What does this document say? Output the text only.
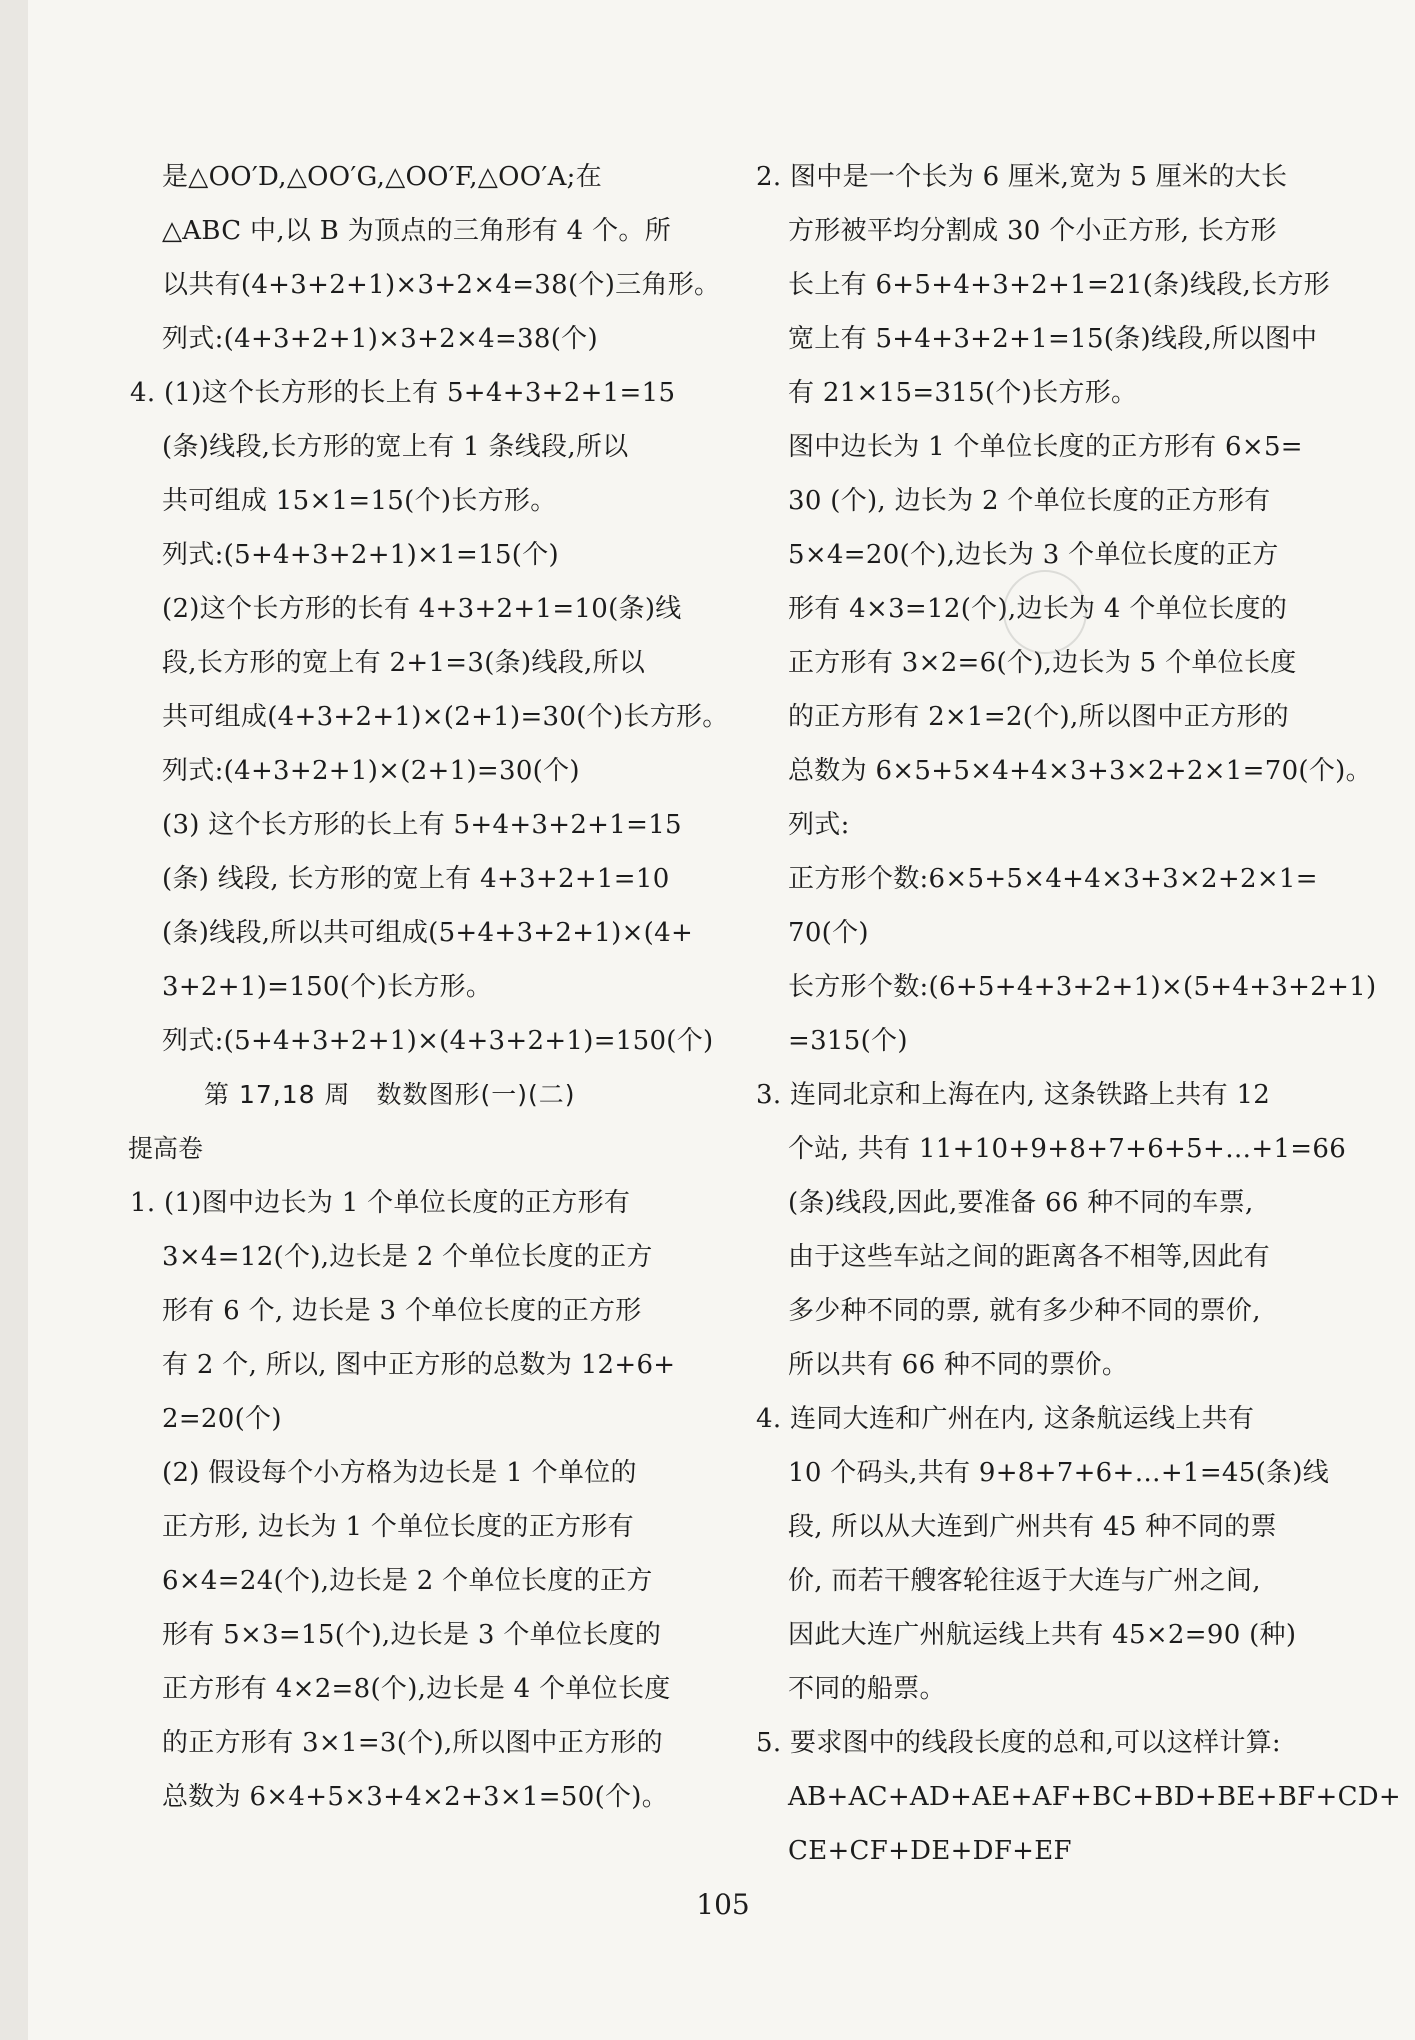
是△OO′D,△OO′G,△OO′F,△OO′A;在
△ABC 中,以 B 为顶点的三角形有 4 个。所
以共有(4+3+2+1)×3+2×4=38(个)三角形。
列式:(4+3+2+1)×3+2×4=38(个)
4. (1)这个长方形的长上有 5+4+3+2+1=15
(条)线段,长方形的宽上有 1 条线段,所以
共可组成 15×1=15(个)长方形。
列式:(5+4+3+2+1)×1=15(个)
(2)这个长方形的长有 4+3+2+1=10(条)线
段,长方形的宽上有 2+1=3(条)线段,所以
共可组成(4+3+2+1)×(2+1)=30(个)长方形。
列式:(4+3+2+1)×(2+1)=30(个)
(3) 这个长方形的长上有 5+4+3+2+1=15
(条) 线段, 长方形的宽上有 4+3+2+1=10
(条)线段,所以共可组成(5+4+3+2+1)×(4+
3+2+1)=150(个)长方形。
列式:(5+4+3+2+1)×(4+3+2+1)=150(个)
第 17,18 周　数数图形(一)(二)
提高卷
1. (1)图中边长为 1 个单位长度的正方形有
3×4=12(个),边长是 2 个单位长度的正方
形有 6 个, 边长是 3 个单位长度的正方形
有 2 个, 所以, 图中正方形的总数为 12+6+
2=20(个)
(2) 假设每个小方格为边长是 1 个单位的
正方形, 边长为 1 个单位长度的正方形有
6×4=24(个),边长是 2 个单位长度的正方
形有 5×3=15(个),边长是 3 个单位长度的
正方形有 4×2=8(个),边长是 4 个单位长度
的正方形有 3×1=3(个),所以图中正方形的
总数为 6×4+5×3+4×2+3×1=50(个)。
2. 图中是一个长为 6 厘米,宽为 5 厘米的大长
方形被平均分割成 30 个小正方形, 长方形
长上有 6+5+4+3+2+1=21(条)线段,长方形
宽上有 5+4+3+2+1=15(条)线段,所以图中
有 21×15=315(个)长方形。
图中边长为 1 个单位长度的正方形有 6×5=
30 (个), 边长为 2 个单位长度的正方形有
5×4=20(个),边长为 3 个单位长度的正方
形有 4×3=12(个),边长为 4 个单位长度的
正方形有 3×2=6(个),边长为 5 个单位长度
的正方形有 2×1=2(个),所以图中正方形的
总数为 6×5+5×4+4×3+3×2+2×1=70(个)。
列式:
正方形个数:6×5+5×4+4×3+3×2+2×1=
70(个)
长方形个数:(6+5+4+3+2+1)×(5+4+3+2+1)
=315(个)
3. 连同北京和上海在内, 这条铁路上共有 12
个站, 共有 11+10+9+8+7+6+5+…+1=66
(条)线段,因此,要准备 66 种不同的车票,
由于这些车站之间的距离各不相等,因此有
多少种不同的票, 就有多少种不同的票价,
所以共有 66 种不同的票价。
4. 连同大连和广州在内, 这条航运线上共有
10 个码头,共有 9+8+7+6+…+1=45(条)线
段, 所以从大连到广州共有 45 种不同的票
价, 而若干艘客轮往返于大连与广州之间,
因此大连广州航运线上共有 45×2=90 (种)
不同的船票。
5. 要求图中的线段长度的总和,可以这样计算:
AB+AC+AD+AE+AF+BC+BD+BE+BF+CD+
CE+CF+DE+DF+EF
105
